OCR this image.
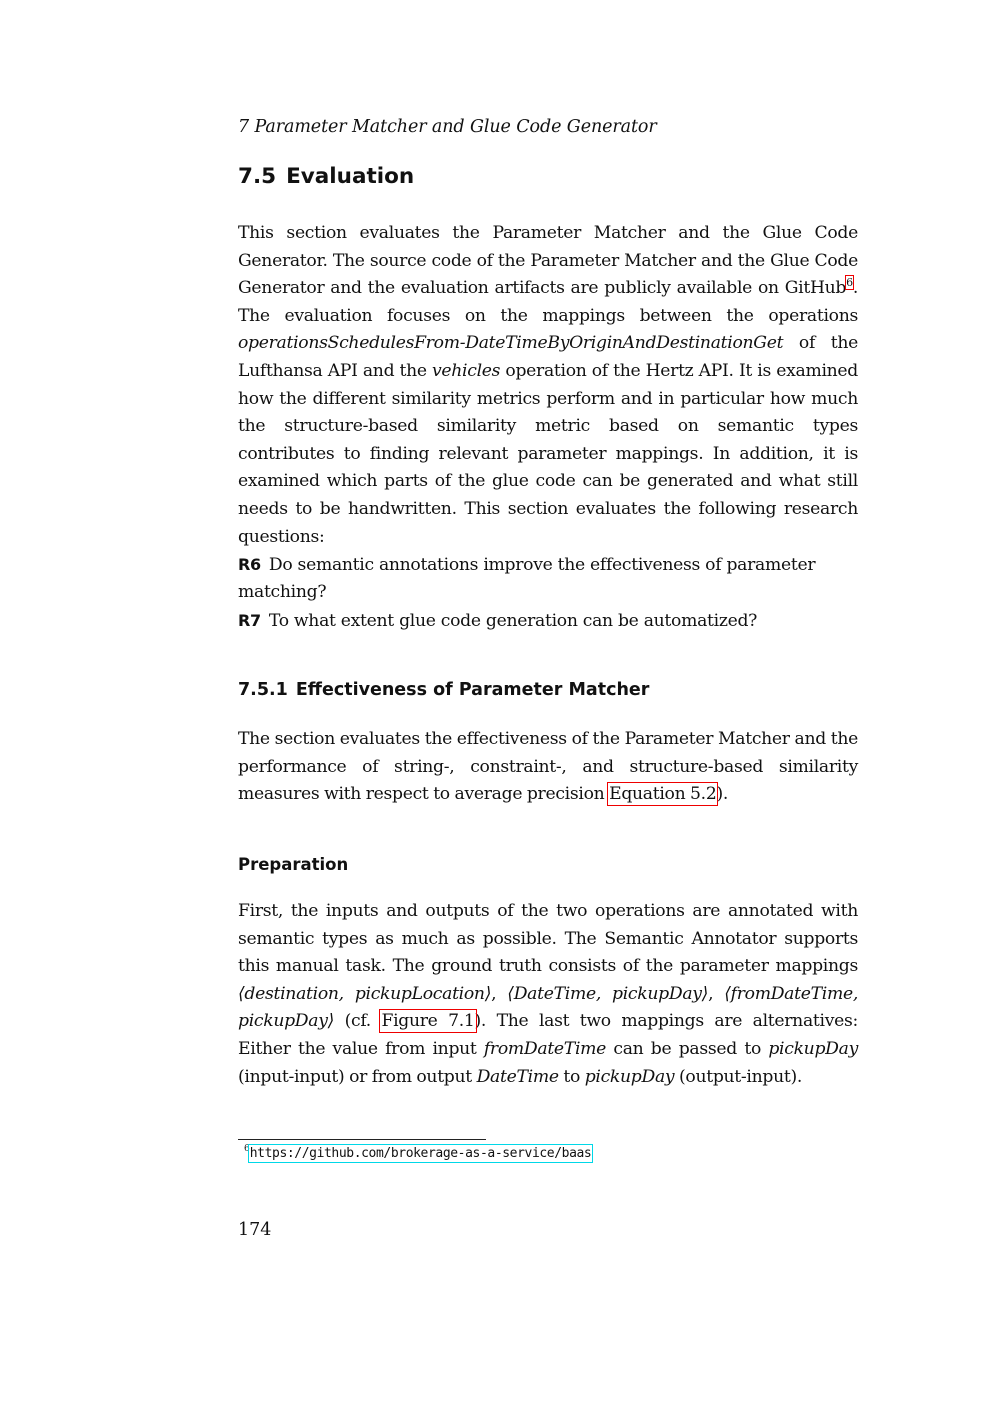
7 Parameter Matcher and Glue Code Generator
7.5 Evaluation

This section evaluates the Parameter Matcher and the Glue Code Generator. The source code of the Parameter Matcher and the Glue Code Generator and the evaluation artifacts are publicly available on GitHub$^6$. The evaluation focuses on the mappings between the operations operationsSchedulesFrom-DateTimeByOriginAndDestinationGet of the Lufthansa API and the vehicles operation of the Hertz API. It is examined how the different similarity metrics perform and in particular how much the structure-based similarity metric based on semantic types contributes to finding relevant parameter mappings. In addition, it is examined which parts of the glue code can be generated and what still needs to be handwritten. This section evaluates the following research questions:

R6 Do semantic annotations improve the effectiveness of parameter matching?
R7 To what extent glue code generation can be automatized?
7.5.1 Effectiveness of Parameter Matcher

The section evaluates the effectiveness of the Parameter Matcher and the performance of string-, constraint-, and structure-based similarity measures with respect to average precision Equation 5.2).

Preparation

First, the inputs and outputs of the two operations are annotated with semantic types as much as possible. The Semantic Annotator supports this manual task. The ground truth consists of the parameter mappings ⟨destination, pickupLocation⟩, ⟨DateTime, pickupDay⟩, ⟨fromDateTime, pickupDay⟩ (cf. Figure 7.1). The last two mappings are alternatives: Either the value from input fromDateTime can be passed to pickupDay (input-input) or from output DateTime to pickupDay (output-input).

$^6$https://github.com/brokerage-as-a-service/baas
174
